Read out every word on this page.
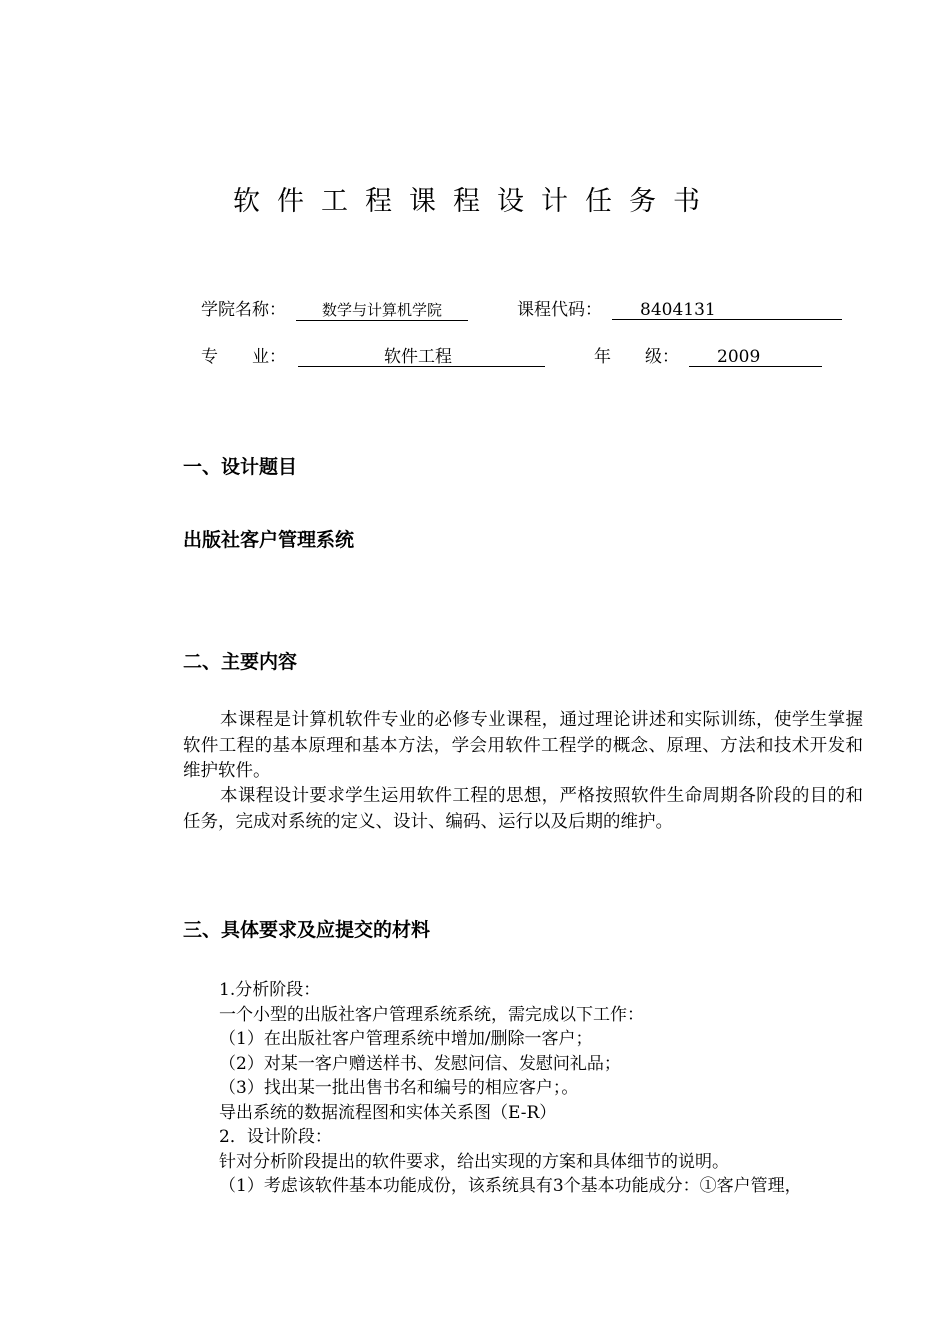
软件工程课程设计任务书
学院名称：	数学与计算机学院	课程代码：	8404131
专　　业：	软件工程	年　　级：	2009
一、设计题目
出版社客户管理系统
二、主要内容
本课程是计算机软件专业的必修专业课程，通过理论讲述和实际训练，使学生掌握软件工程的基本原理和基本方法，学会用软件工程学的概念、原理、方法和技术开发和维护软件。
本课程设计要求学生运用软件工程的思想，严格按照软件生命周期各阶段的目的和任务，完成对系统的定义、设计、编码、运行以及后期的维护。
三、具体要求及应提交的材料
1.分析阶段：
一个小型的出版社客户管理系统系统，需完成以下工作：
（1）在出版社客户管理系统中增加/删除一客户；
（2）对某一客户赠送样书、发慰问信、发慰问礼品；
（3）找出某一批出售书名和编号的相应客户；。
导出系统的数据流程图和实体关系图（E-R）
2．设计阶段：
针对分析阶段提出的软件要求，给出实现的方案和具体细节的说明。
（1）考虑该软件基本功能成份，该系统具有3个基本功能成分：①客户管理，
